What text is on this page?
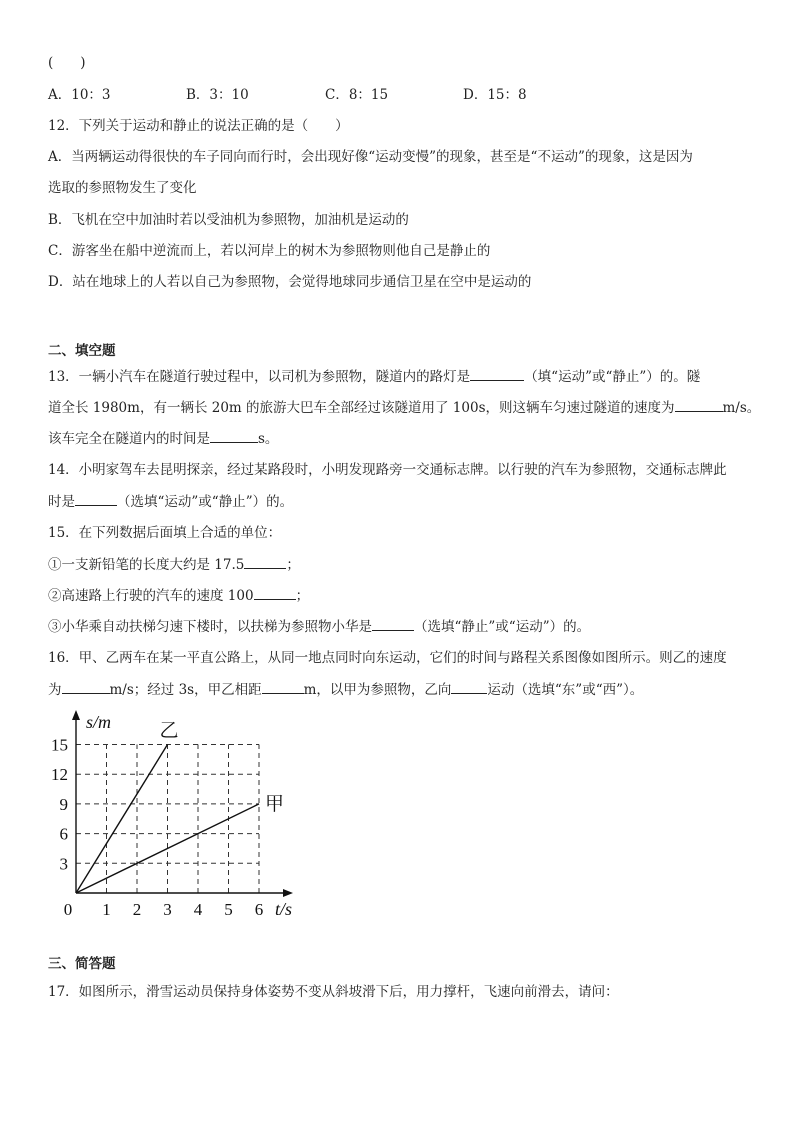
(　　)
A．10：3	B．3：10	C．8：15	D．15：8
12．下列关于运动和静止的说法正确的是（　　）
A．当两辆运动得很快的车子同向而行时，会出现好像“运动变慢”的现象，甚至是“不运动”的现象，这是因为
选取的参照物发生了变化
B．飞机在空中加油时若以受油机为参照物，加油机是运动的
C．游客坐在船中逆流而上，若以河岸上的树木为参照物则他自己是静止的
D．站在地球上的人若以自己为参照物，会觉得地球同步通信卫星在空中是运动的
二、填空题
13．一辆小汽车在隧道行驶过程中，以司机为参照物，隧道内的路灯是	（填“运动”或“静止”）的。隧
道全长 1980m，有一辆长 20m 的旅游大巴车全部经过该隧道用了 100s，则这辆车匀速过隧道的速度为	m/s。
该车完全在隧道内的时间是	s。
14．小明家驾车去昆明探亲，经过某路段时，小明发现路旁一交通标志牌。以行驶的汽车为参照物，交通标志牌此
时是	（选填“运动”或“静止”）的。
15．在下列数据后面填上合适的单位：
①一支新铅笔的长度大约是 17.5	；
②高速路上行驶的汽车的速度 100	；
③小华乘自动扶梯匀速下楼时，以扶梯为参照物小华是	（选填“静止”或“运动”）的。
16．甲、乙两车在某一平直公路上，从同一地点同时向东运动，它们的时间与路程关系图像如图所示。则乙的速度
为	m/s；经过 3s，甲乙相距	m，以甲为参照物，乙向	运动（选填“东”或“西”）。
0 1 2 3 4 5 6
3
6
9
12
15
s/m
t/s
乙
甲
三、简答题
17．如图所示，滑雪运动员保持身体姿势不变从斜坡滑下后，用力撑杆，飞速向前滑去，请问：
